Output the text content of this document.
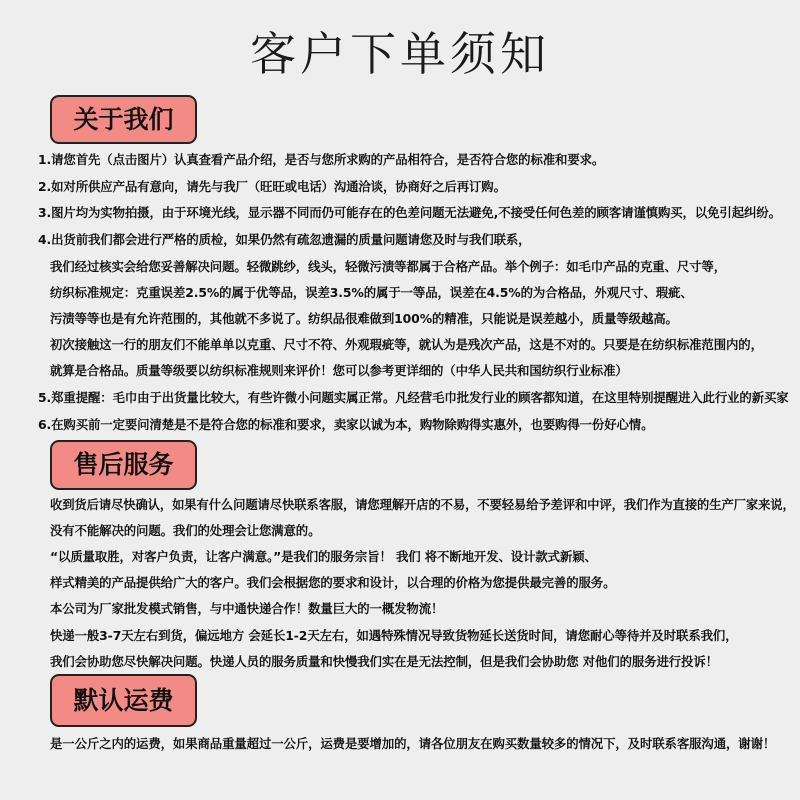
客户下单须知
关于我们
1.请您首先（点击图片）认真查看产品介绍，是否与您所求购的产品相符合，是否符合您的标准和要求。
2.如对所供应产品有意向，请先与我厂（旺旺或电话）沟通洽谈，协商好之后再订购。
3.图片均为实物拍摄，由于环境光线，显示器不同而仍可能存在的色差问题无法避免,不接受任何色差的顾客请谨慎购买，以免引起纠纷。
4.出货前我们都会进行严格的质检，如果仍然有疏忽遗漏的质量问题请您及时与我们联系，
我们经过核实会给您妥善解决问题。轻微跳纱，线头，轻微污渍等都属于合格产品。举个例子：如毛巾产品的克重、尺寸等，
纺织标准规定：克重误差2.5%的属于优等品，误差3.5%的属于一等品，误差在4.5%的为合格品，外观尺寸、瑕疵、
污渍等等也是有允许范围的，其他就不多说了。纺织品很难做到100%的精准，只能说是误差越小，质量等级越高。
初次接触这一行的朋友们不能单单以克重、尺寸不符、外观瑕疵等，就认为是残次产品，这是不对的。只要是在纺织标准范围内的，
就算是合格品。质量等级要以纺织标准规则来评价！您可以参考更详细的（中华人民共和国纺织行业标准）
5.郑重提醒：毛巾由于出货量比较大，有些许微小问题实属正常。凡经营毛巾批发行业的顾客都知道，在这里特别提醒进入此行业的新买家
6.在购买前一定要问清楚是不是符合您的标准和要求，卖家以诚为本，购物除购得实惠外，也要购得一份好心情。
售后服务
收到货后请尽快确认，如果有什么问题请尽快联系客服，请您理解开店的不易，不要轻易给予差评和中评，我们作为直接的生产厂家来说，
没有不能解决的问题。我们的处理会让您满意的。
“以质量取胜，对客户负责，让客户满意。”是我们的服务宗旨！ 我们 将不断地开发、设计款式新颖、
样式精美的产品提供给广大的客户。我们会根据您的要求和设计，以合理的价格为您提供最完善的服务。
本公司为厂家批发模式销售，与中通快递合作！数量巨大的一概发物流！
快递一般3-7天左右到货，偏远地方 会延长1-2天左右，如遇特殊情况导致货物延长送货时间，请您耐心等待并及时联系我们，
我们会协助您尽快解决问题。快递人员的服务质量和快慢我们实在是无法控制，但是我们会协助您 对他们的服务进行投诉！
默认运费
是一公斤之内的运费，如果商品重量超过一公斤，运费是要增加的，请各位朋友在购买数量较多的情况下，及时联系客服沟通，谢谢！
